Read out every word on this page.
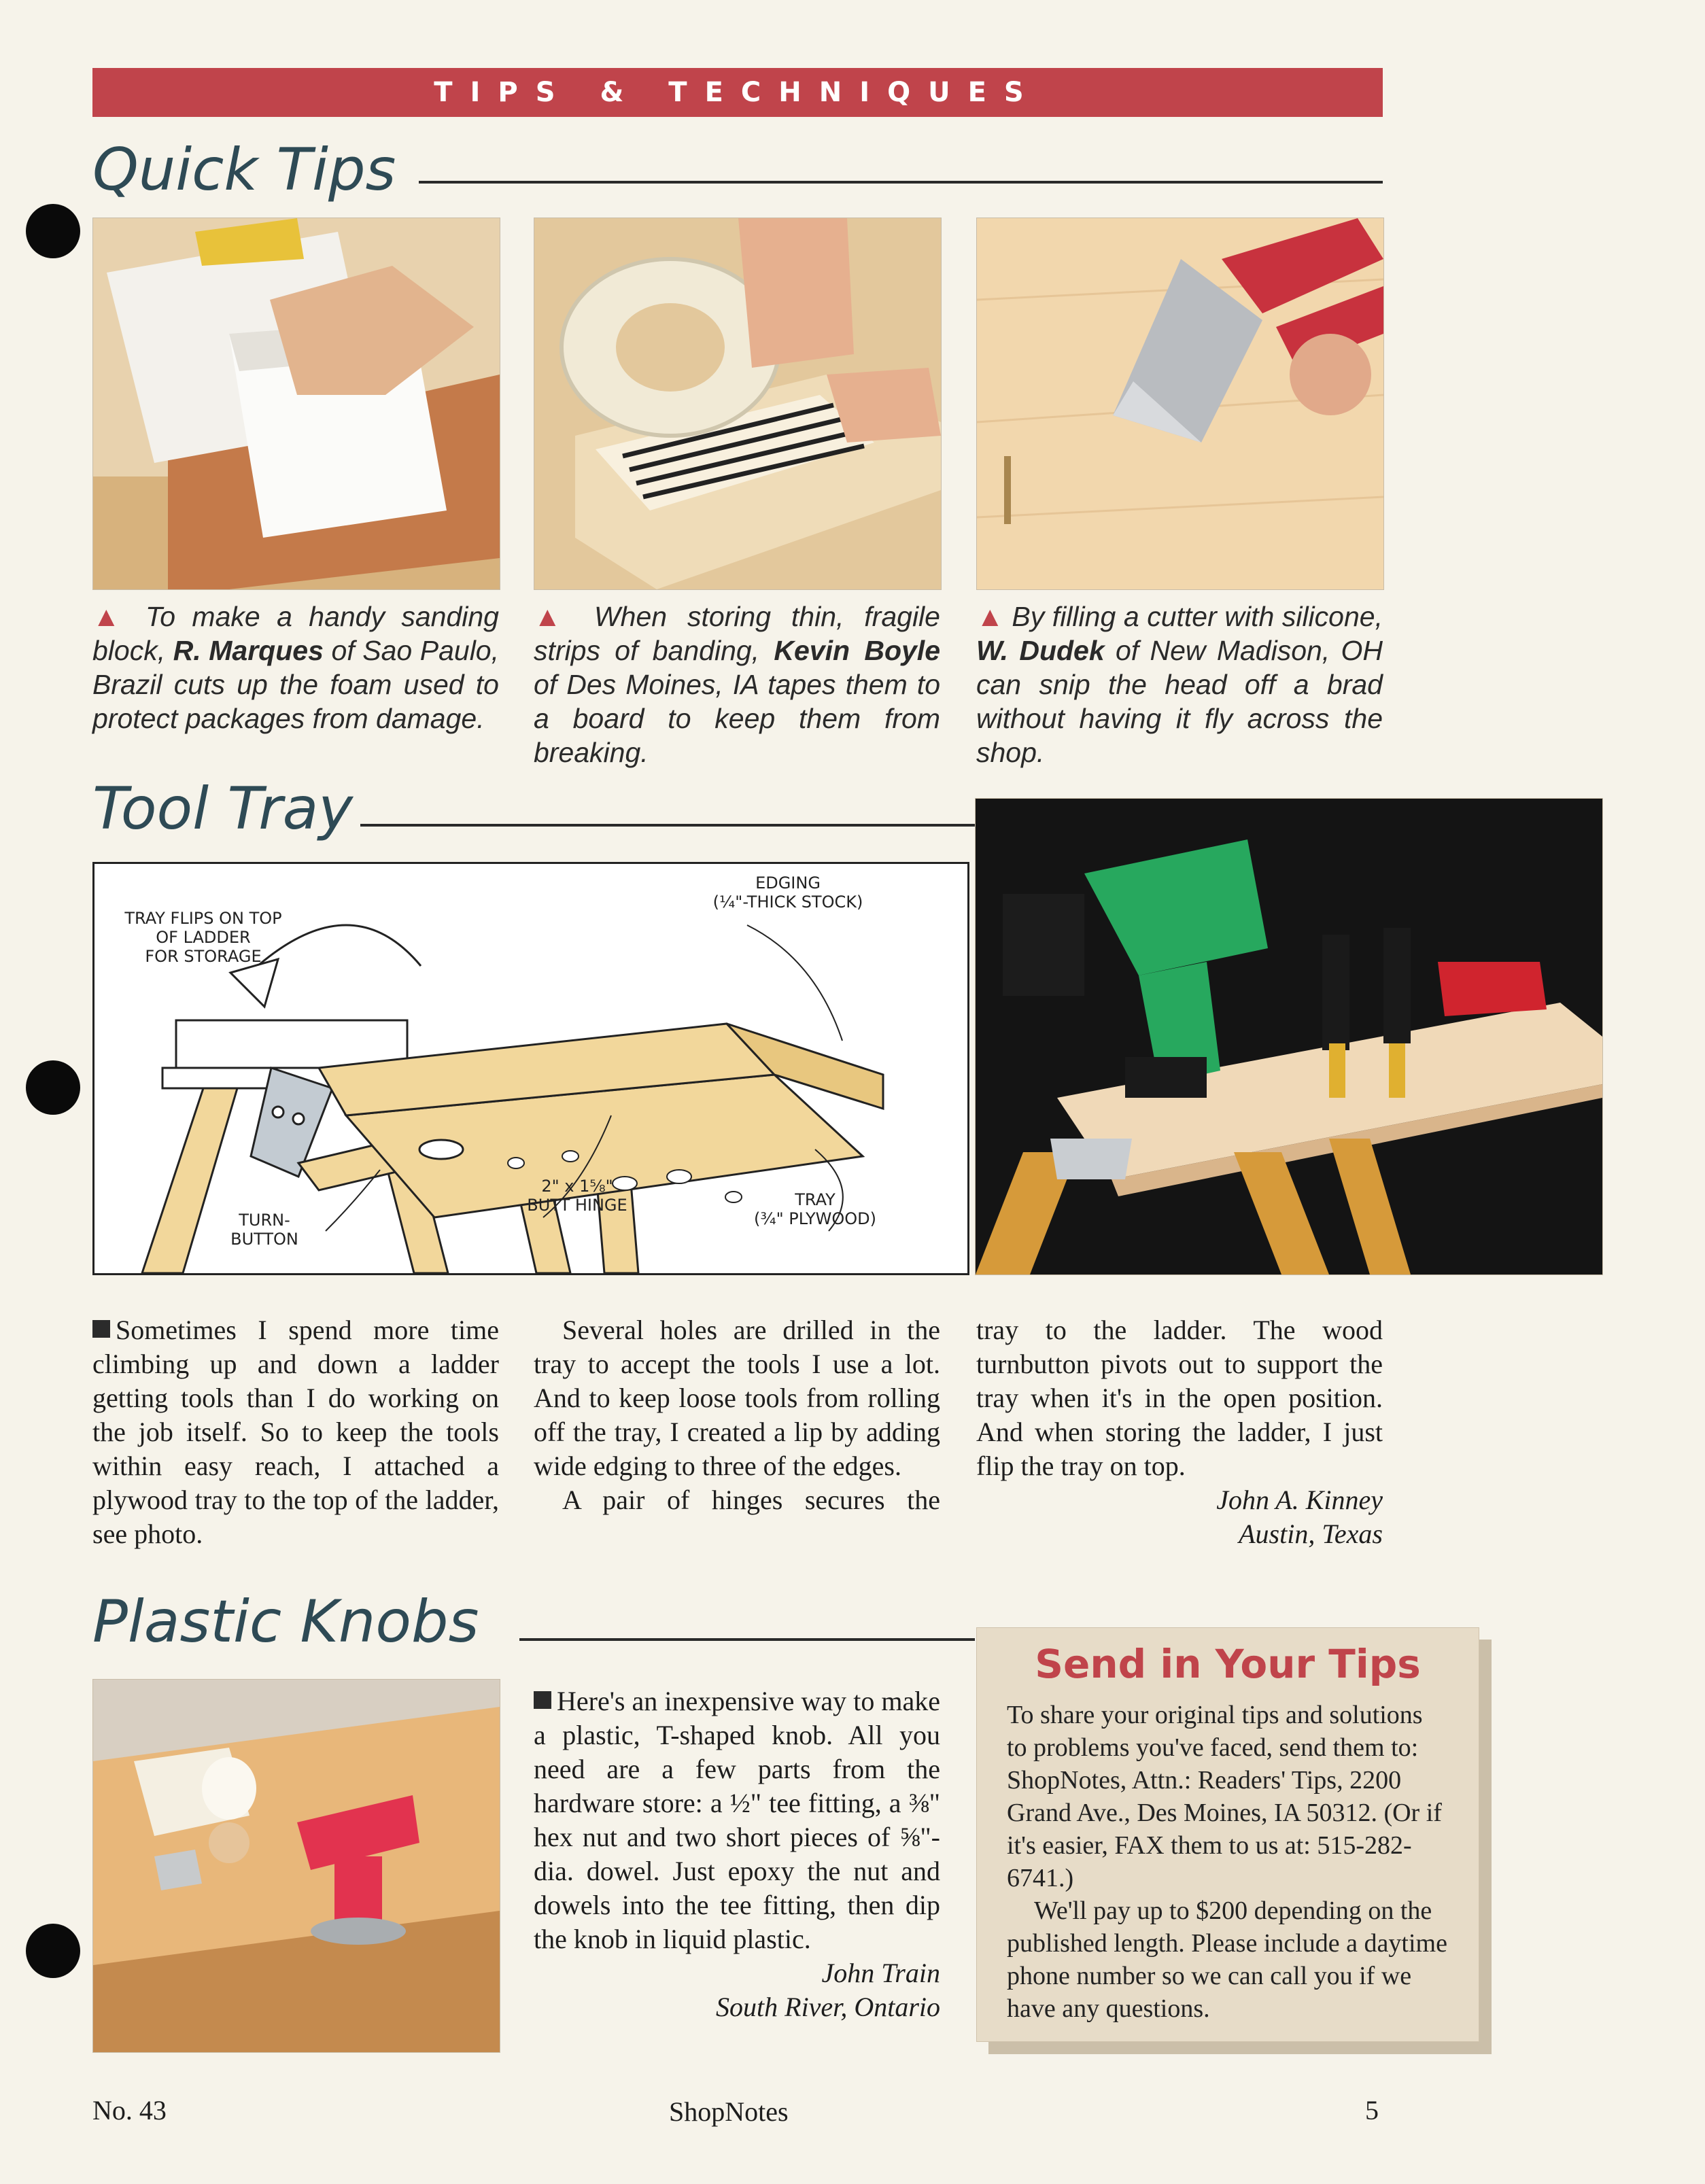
TIPS & TECHNIQUES
Quick Tips
▲ To make a handy sanding block, R. Marques of Sao Paulo, Brazil cuts up the foam used to protect packages from damage.
▲ When storing thin, fragile strips of banding, Kevin Boyle of Des Moines, IA tapes them to a board to keep them from breaking.
▲ By filling a cutter with silicone, W. Dudek of New Madison, OH can snip the head off a brad without having it fly across the shop.
Tool Tray
TRAY FLIPS ON TOP
OF LADDER
FOR STORAGE
EDGING
(¼"-THICK STOCK)
2" x 1⅝"
BUTT HINGE
TURN-
BUTTON
TRAY
(¾" PLYWOOD)

Sometimes I spend more time climbing up and down a ladder getting tools than I do working on the job itself. So to keep the tools within easy reach, I attached a plywood tray to the top of the ladder, see photo.

Several holes are drilled in the tray to accept the tools I use a lot. And to keep loose tools from rolling off the tray, I created a lip by adding wide edging to three of the edges.

A pair of hinges secures the

tray to the ladder. The wood turnbutton pivots out to support the tray when it's in the open position. And when storing the ladder, I just flip the tray on top.

John A. Kinney

Austin, Texas

Plastic Knobs

Here's an inexpensive way to make a plastic, T-shaped knob. All you need are a few parts from the hardware store: a ½" tee fitting, a ⅜" hex nut and two short pieces of ⅝"-dia. dowel. Just epoxy the nut and dowels into the tee fitting, then dip the knob in liquid plastic.

John Train

South River, Ontario

Send in Your Tips

To share your original tips and solutions to problems you've faced, send them to: ShopNotes, Attn.: Readers' Tips, 2200 Grand Ave., Des Moines, IA 50312. (Or if it's easier, FAX them to us at: 515-282-6741.)

We'll pay up to $200 depending on the published length. Please include a daytime phone number so we can call you if we have any questions.

No. 43	ShopNotes	5
